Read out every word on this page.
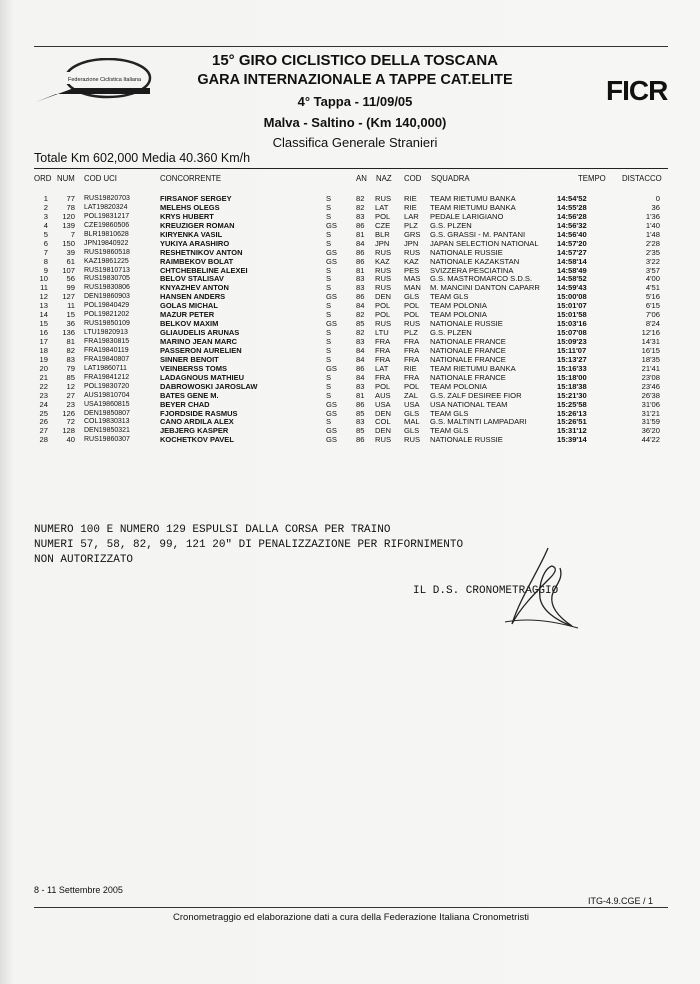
Federazione Ciclistica Italiana	FICR
15° GIRO CICLISTICO DELLA TOSCANA
GARA INTERNAZIONALE A TAPPE CAT.ELITE
4° Tappa - 11/09/05
Malva - Saltino - (Km 140,000)
Classifica Generale Stranieri
Totale Km 602,000 Media 40.360 Km/h
ORD NUM COD UCI	CONCORRENTE	AN NAZ COD SQUADRA	TEMPO DISTACCO
1	77 RUS19820703	FIRSANOF SERGEY	S	82 RUS RIE TEAM RIETUMU BANKA	14:54'52	0
2	78 LAT19820324	MELEHS OLEGS	S	82 LAT RIE TEAM RIETUMU BANKA	14:55'28	36
3	120 POL19831217	KRYS HUBERT	S	83 POL LAR PEDALE LARIGIANO	14:56'28	1'36
4	139 CZE19860506	KREUZIGER ROMAN	GS	86 CZE PLZ G.S. PLZEN	14:56'32	1'40
5	7 BLR19810628	KIRYENKA VASIL	S	81 BLR GRS G.S. GRASSI - M. PANTANI	14:56'40	1'48
6	150 JPN19840922	YUKIYA ARASHIRO	S	84 JPN JPN JAPAN SELECTION NATIONAL 14:57'20	2'28
7	39 RUS19860518	RESHETNIKOV ANTON	GS	86 RUS RUS NATIONALE RUSSIE	14:57'27	2'35
8	61 KAZ19861225	RAIMBEKOV BOLAT	GS	86 KAZ KAZ NATIONALE KAZAKSTAN	14:58'14	3'22
9	107 RUS19810713	CHTCHEBELINE ALEXEI	S	81 RUS PES SVIZZERA PESCIATINA	14:58'49	3'57
10	56 RUS19830705	BELOV STALISAV	S	83 RUS MAS G.S. MASTROMARCO S.D.S.	14:58'52	4'00
11	99 RUS19830806	KNYAZHEV ANTON	S	83 RUS MAN M. MANCINI DANTON CAPARR 14:59'43	4'51
12	127 DEN19860903	HANSEN ANDERS	GS	86 DEN GLS TEAM GLS	15:00'08	5'16
13	11 POL19840429	GOLAS MICHAL	S	84 POL POL TEAM POLONIA	15:01'07	6'15
14	15 POL19821202	MAZUR PETER	S	82 POL POL TEAM POLONIA	15:01'58	7'06
15	36 RUS19850109	BELKOV MAXIM	GS	85 RUS RUS NATIONALE RUSSIE	15:03'16	8'24
16	136 LTU19820913	GLIAUDELIS ARUNAS	S	82 LTU PLZ G.S. PLZEN	15:07'08	12'16
17	81 FRA19830815	MARINO JEAN MARC	S	83 FRA FRA NATIONALE FRANCE	15:09'23	14'31
18	82 FRA19840119	PASSERON AURELIEN	S	84 FRA FRA NATIONALE FRANCE	15:11'07	16'15
19	83 FRA19840807	SINNER BENOIT	S	84 FRA FRA NATIONALE FRANCE	15:13'27	18'35
20	79 LAT19860711	VEINBERSS TOMS	GS	86 LAT RIE TEAM RIETUMU BANKA	15:16'33	21'41
21	85 FRA19841212	LADAGNOUS MATHIEU	S	84 FRA FRA NATIONALE FRANCE	15:18'00	23'08
22	12 POL19830720	DABROWOSKI JAROSLAW	S	83 POL POL TEAM POLONIA	15:18'38	23'46
23	27 AUS19810704	BATES GENE M.	S	81 AUS ZAL G.S. ZALF DESIREE FIOR	15:21'30	26'38
24	23 USA19860815	BEYER CHAD	GS	86 USA USA USA NATIONAL TEAM	15:25'58	31'06
25	126 DEN19850807	FJORDSIDE RASMUS	GS	85 DEN GLS TEAM GLS	15:26'13	31'21
26	72 COL19830313	CANO ARDILA ALEX	S	83 COL MAL G.S. MALTINTI LAMPADARI	15:26'51	31'59
27	128 DEN19850321	JEBJERG KASPER	GS	85 DEN GLS TEAM GLS	15:31'12	36'20
28	40 RUS19860307	KOCHETKOV PAVEL	GS	86 RUS RUS NATIONALE RUSSIE	15:39'14	44'22
NUMERO 100 E NUMERO 129 ESPULSI DALLA CORSA PER TRAINO
NUMERI 57, 58, 82, 99, 121 20" DI PENALIZZAZIONE PER RIFORNIMENTO
NON AUTORIZZATO
IL D.S. CRONOMETRAGGIO
8 - 11 Settembre 2005
ITG-4.9.CGE / 1
Cronometraggio ed elaborazione dati a cura della Federazione Italiana Cronometristi
